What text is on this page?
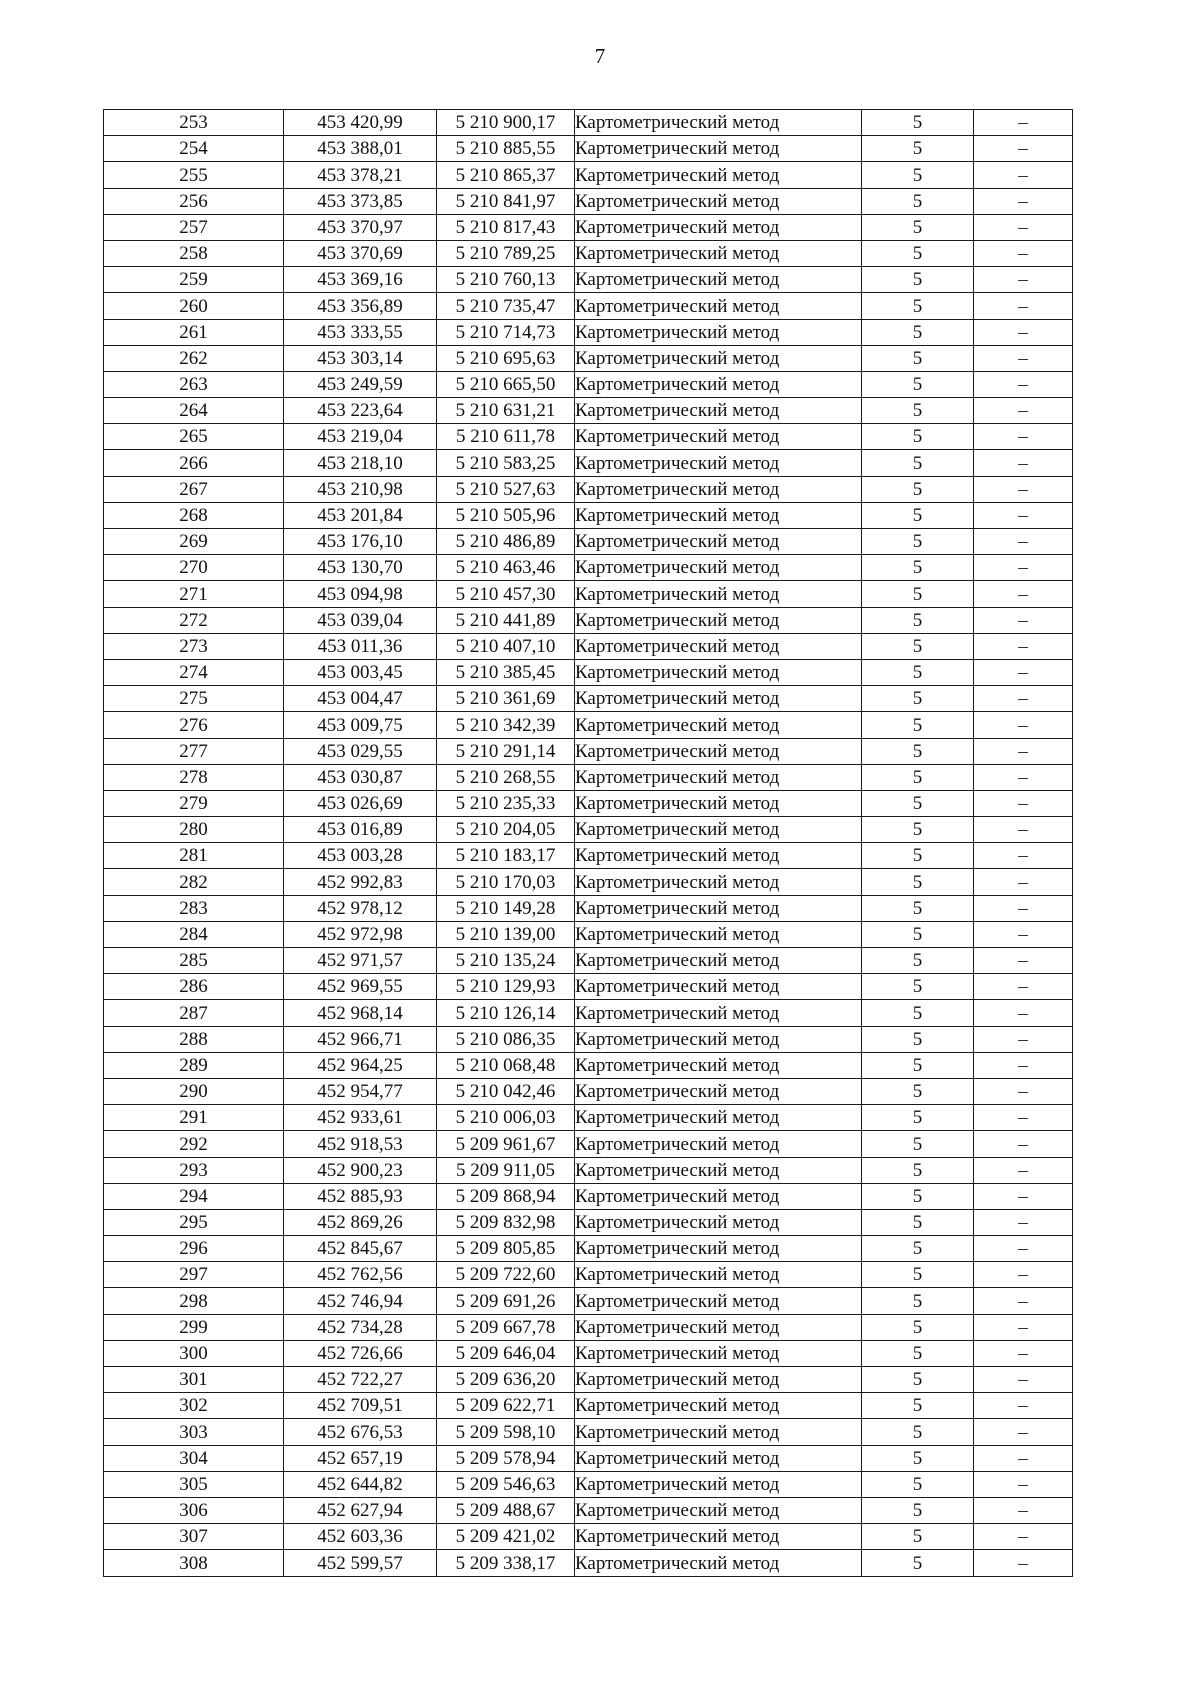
7
253	453 420,99	5 210 900,17	Картометрический метод	5	–
254	453 388,01	5 210 885,55	Картометрический метод	5	–
255	453 378,21	5 210 865,37	Картометрический метод	5	–
256	453 373,85	5 210 841,97	Картометрический метод	5	–
257	453 370,97	5 210 817,43	Картометрический метод	5	–
258	453 370,69	5 210 789,25	Картометрический метод	5	–
259	453 369,16	5 210 760,13	Картометрический метод	5	–
260	453 356,89	5 210 735,47	Картометрический метод	5	–
261	453 333,55	5 210 714,73	Картометрический метод	5	–
262	453 303,14	5 210 695,63	Картометрический метод	5	–
263	453 249,59	5 210 665,50	Картометрический метод	5	–
264	453 223,64	5 210 631,21	Картометрический метод	5	–
265	453 219,04	5 210 611,78	Картометрический метод	5	–
266	453 218,10	5 210 583,25	Картометрический метод	5	–
267	453 210,98	5 210 527,63	Картометрический метод	5	–
268	453 201,84	5 210 505,96	Картометрический метод	5	–
269	453 176,10	5 210 486,89	Картометрический метод	5	–
270	453 130,70	5 210 463,46	Картометрический метод	5	–
271	453 094,98	5 210 457,30	Картометрический метод	5	–
272	453 039,04	5 210 441,89	Картометрический метод	5	–
273	453 011,36	5 210 407,10	Картометрический метод	5	–
274	453 003,45	5 210 385,45	Картометрический метод	5	–
275	453 004,47	5 210 361,69	Картометрический метод	5	–
276	453 009,75	5 210 342,39	Картометрический метод	5	–
277	453 029,55	5 210 291,14	Картометрический метод	5	–
278	453 030,87	5 210 268,55	Картометрический метод	5	–
279	453 026,69	5 210 235,33	Картометрический метод	5	–
280	453 016,89	5 210 204,05	Картометрический метод	5	–
281	453 003,28	5 210 183,17	Картометрический метод	5	–
282	452 992,83	5 210 170,03	Картометрический метод	5	–
283	452 978,12	5 210 149,28	Картометрический метод	5	–
284	452 972,98	5 210 139,00	Картометрический метод	5	–
285	452 971,57	5 210 135,24	Картометрический метод	5	–
286	452 969,55	5 210 129,93	Картометрический метод	5	–
287	452 968,14	5 210 126,14	Картометрический метод	5	–
288	452 966,71	5 210 086,35	Картометрический метод	5	–
289	452 964,25	5 210 068,48	Картометрический метод	5	–
290	452 954,77	5 210 042,46	Картометрический метод	5	–
291	452 933,61	5 210 006,03	Картометрический метод	5	–
292	452 918,53	5 209 961,67	Картометрический метод	5	–
293	452 900,23	5 209 911,05	Картометрический метод	5	–
294	452 885,93	5 209 868,94	Картометрический метод	5	–
295	452 869,26	5 209 832,98	Картометрический метод	5	–
296	452 845,67	5 209 805,85	Картометрический метод	5	–
297	452 762,56	5 209 722,60	Картометрический метод	5	–
298	452 746,94	5 209 691,26	Картометрический метод	5	–
299	452 734,28	5 209 667,78	Картометрический метод	5	–
300	452 726,66	5 209 646,04	Картометрический метод	5	–
301	452 722,27	5 209 636,20	Картометрический метод	5	–
302	452 709,51	5 209 622,71	Картометрический метод	5	–
303	452 676,53	5 209 598,10	Картометрический метод	5	–
304	452 657,19	5 209 578,94	Картометрический метод	5	–
305	452 644,82	5 209 546,63	Картометрический метод	5	–
306	452 627,94	5 209 488,67	Картометрический метод	5	–
307	452 603,36	5 209 421,02	Картометрический метод	5	–
308	452 599,57	5 209 338,17	Картометрический метод	5	–
